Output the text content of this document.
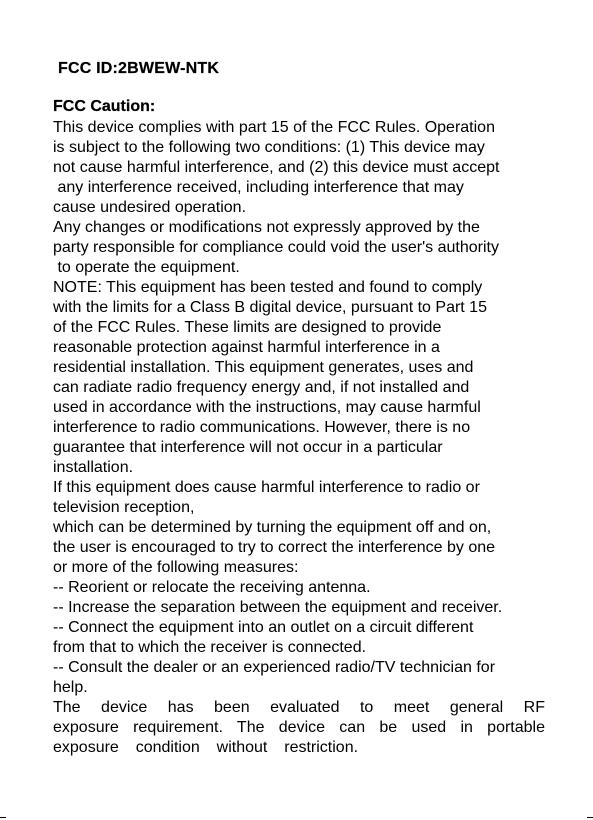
FCC ID:2BWEW-NTK
FCC Caution:
This device complies with part 15 of the FCC Rules. Operation
is subject to the following two conditions: (1) This device may
not cause harmful interference, and (2) this device must accept
any interference received, including interference that may
cause undesired operation.
Any changes or modifications not expressly approved by the
party responsible for compliance could void the user's authority
to operate the equipment.
NOTE: This equipment has been tested and found to comply
with the limits for a Class B digital device, pursuant to Part 15
of the FCC Rules. These limits are designed to provide
reasonable protection against harmful interference in a
residential installation. This equipment generates, uses and
can radiate radio frequency energy and, if not installed and
used in accordance with the instructions, may cause harmful
interference to radio communications. However, there is no
guarantee that interference will not occur in a particular
installation.
If this equipment does cause harmful interference to radio or
television reception,
which can be determined by turning the equipment off and on,
the user is encouraged to try to correct the interference by one
or more of the following measures:
-- Reorient or relocate the receiving antenna.
-- Increase the separation between the equipment and receiver.
-- Connect the equipment into an outlet on a circuit different
from that to which the receiver is connected.
-- Consult the dealer or an experienced radio/TV technician for
help.
The device has been evaluated to meet general RF
exposure requirement. The device can be used in portable
exposure  condition  without  restriction.
